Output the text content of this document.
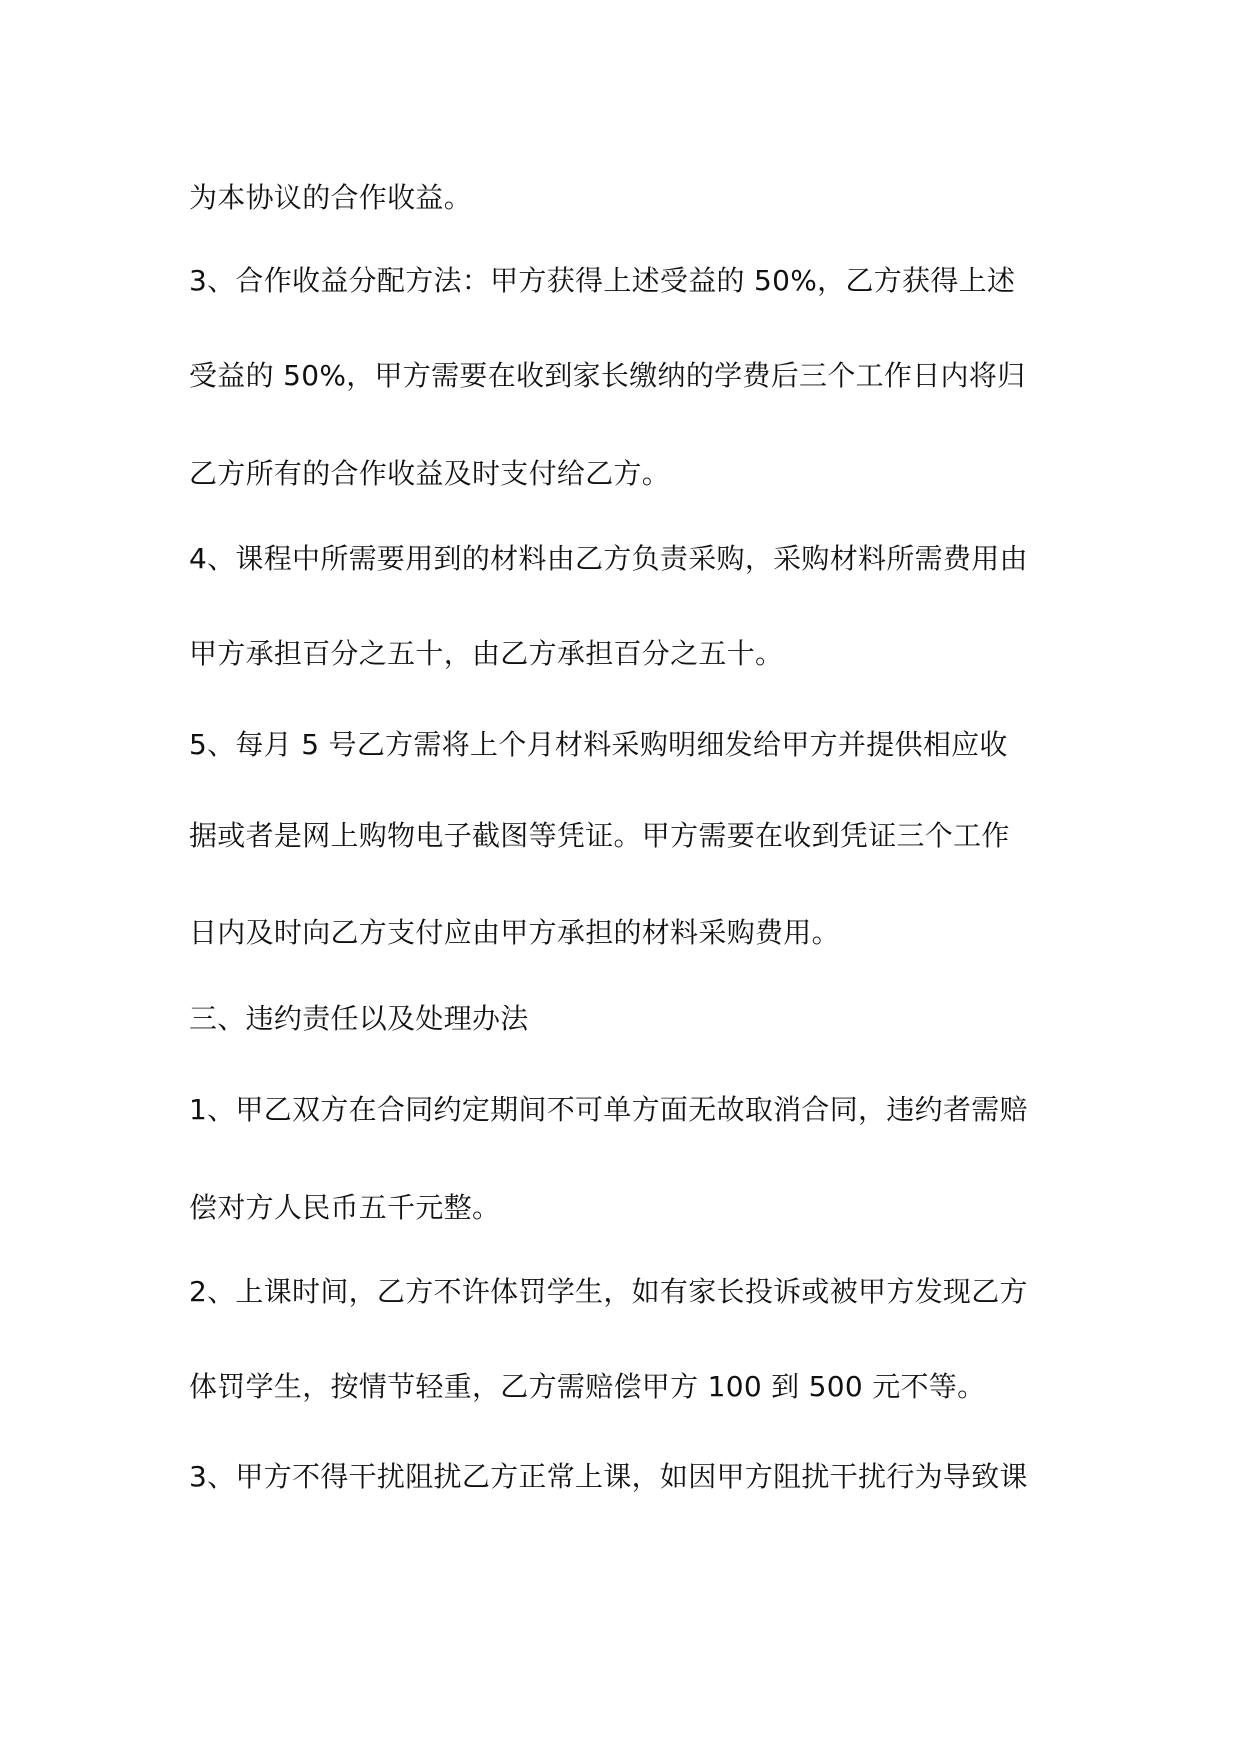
为本协议的合作收益。
3、合作收益分配方法：甲方获得上述受益的 50%，乙方获得上述
受益的 50%，甲方需要在收到家长缴纳的学费后三个工作日内将归
乙方所有的合作收益及时支付给乙方。
4、课程中所需要用到的材料由乙方负责采购，采购材料所需费用由
甲方承担百分之五十，由乙方承担百分之五十。
5、每月 5 号乙方需将上个月材料采购明细发给甲方并提供相应收
据或者是网上购物电子截图等凭证。甲方需要在收到凭证三个工作
日内及时向乙方支付应由甲方承担的材料采购费用。
三、违约责任以及处理办法
1、甲乙双方在合同约定期间不可单方面无故取消合同，违约者需赔
偿对方人民币五千元整。
2、上课时间，乙方不许体罚学生，如有家长投诉或被甲方发现乙方
体罚学生，按情节轻重，乙方需赔偿甲方 100 到 500 元不等。
3、甲方不得干扰阻扰乙方正常上课，如因甲方阻扰干扰行为导致课
